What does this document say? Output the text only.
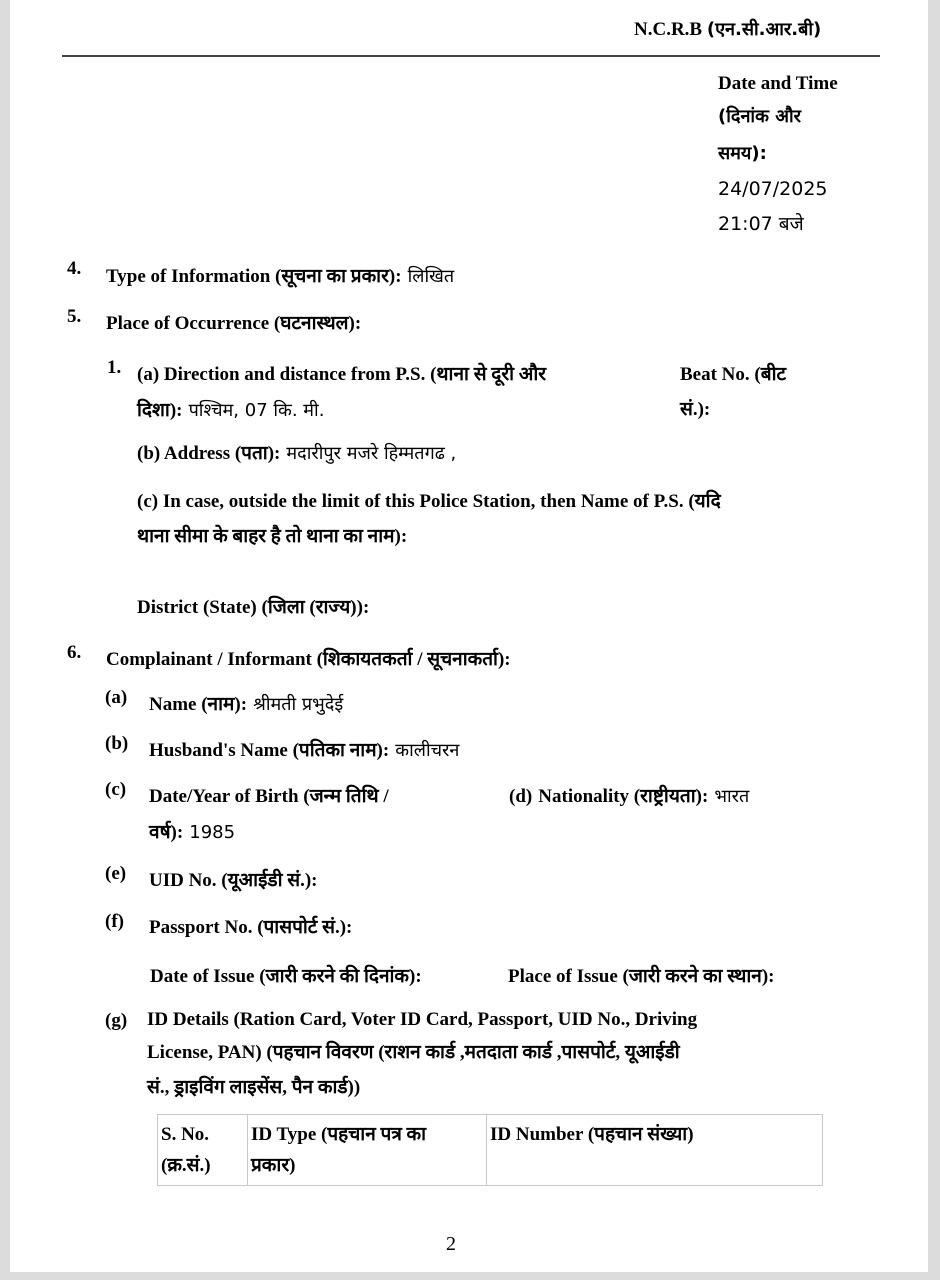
N.C.R.B (एन.सी.आर.बी)
Date and Time
(दिनांक और
समय):
24/07/2025
21:07 बजे
4. Type of Information (सूचना का प्रकार): लिखित
5. Place of Occurrence (घटनास्थल):
1. (a) Direction and distance from P.S. (थाना से दूरी और
दिशा): पश्चिम, 07 कि. मी.
Beat No. (बीट
सं.):
(b) Address (पता): मदारीपुर मजरे हिम्मतगढ ,
(c) In case, outside the limit of this Police Station, then Name of P.S. (यदि
थाना सीमा के बाहर है तो थाना का नाम):
District (State) (जिला (राज्य)):
6. Complainant / Informant (शिकायतकर्ता / सूचनाकर्ता):
(a) Name (नाम): श्रीमती प्रभुदेई
(b) Husband's Name (पतिका नाम): कालीचरन
(c) Date/Year of Birth (जन्म तिथि /
वर्ष): 1985
(d) Nationality (राष्ट्रीयता): भारत
(e) UID No. (यूआईडी सं.):
(f) Passport No. (पासपोर्ट सं.):
Date of Issue (जारी करने की दिनांक):	Place of Issue (जारी करने का स्थान):
(g) ID Details (Ration Card, Voter ID Card, Passport, UID No., Driving
License, PAN) (पहचान विवरण (राशन कार्ड ,मतदाता कार्ड ,पासपोर्ट, यूआईडी
सं., ड्राइविंग लाइसेंस, पैन कार्ड))
S. No.
(क्र.सं.)

ID Type (पहचान पत्र का
प्रकार)

ID Number (पहचान संख्या)
2
